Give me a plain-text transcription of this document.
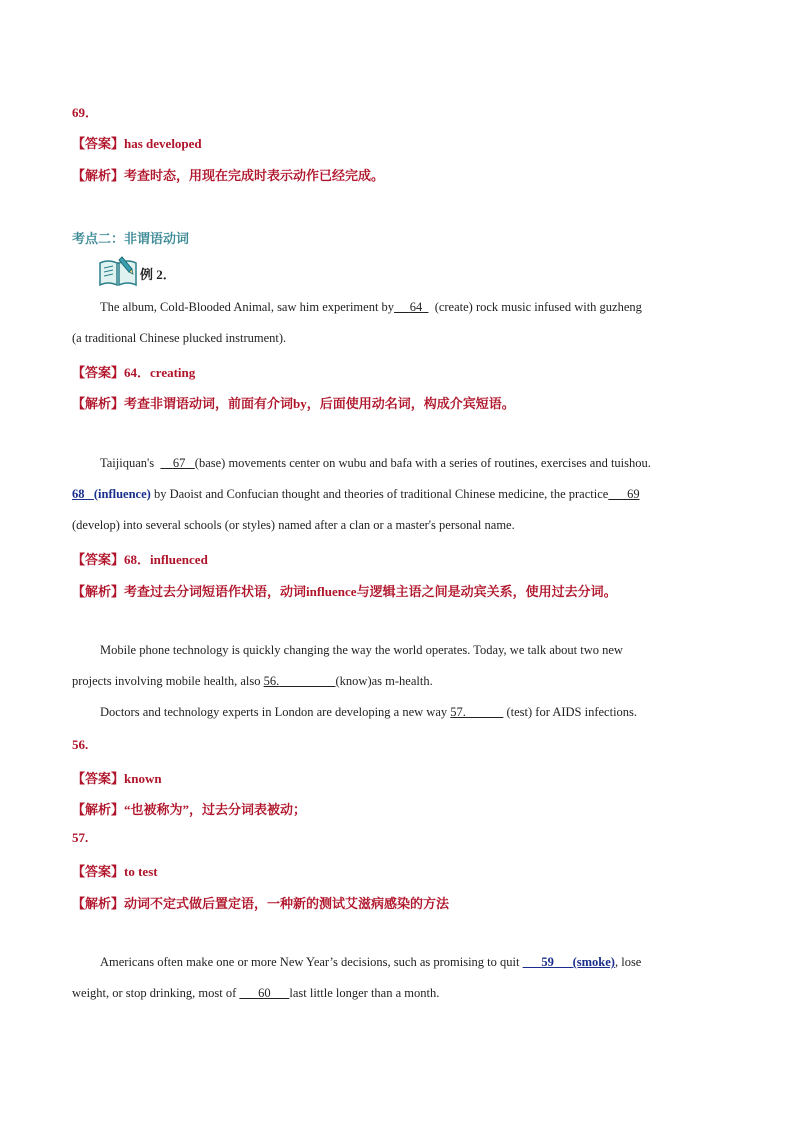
69．
【答案】has developed
【解析】考查时态，用现在完成时表示动作已经完成。
考点二：非谓语动词
例 2．
The album, Cold-Blooded Animal, saw him experiment by 64    (create) rock music infused with guzheng
(a traditional Chinese plucked instrument).
【答案】64．creating
【解析】考查非谓语动词，前面有介词by，后面使用动名词，构成介宾短语。
Taijiquan's      67 (base) movements center on wubu and bafa with a series of routines, exercises and tuishou.
68 (influence) by Daoist and Confucian thought and theories of traditional Chinese medicine, the practice 69
(develop) into several schools (or styles) named after a clan or a master's personal name.
【答案】68．influenced
【解析】考查过去分词短语作状语，动词influence与逻辑主语之间是动宾关系，使用过去分词。
Mobile phone technology is quickly changing the way the world operates. Today, we talk about two new
projects involving mobile health, also 56.	(know)as m-health.
Doctors and technology experts in London are developing a new way 57.	(test) for AIDS infections.
56.
【答案】known
【解析】“也被称为”，过去分词表被动；
57.
【答案】to test
【解析】动词不定式做后置定语，一种新的测试艾滋病感染的方法
Americans often make one or more New Year’s decisions, such as promising to quit       59 (smoke), lose
weight, or stop drinking, most of       60 last little longer than a month.
